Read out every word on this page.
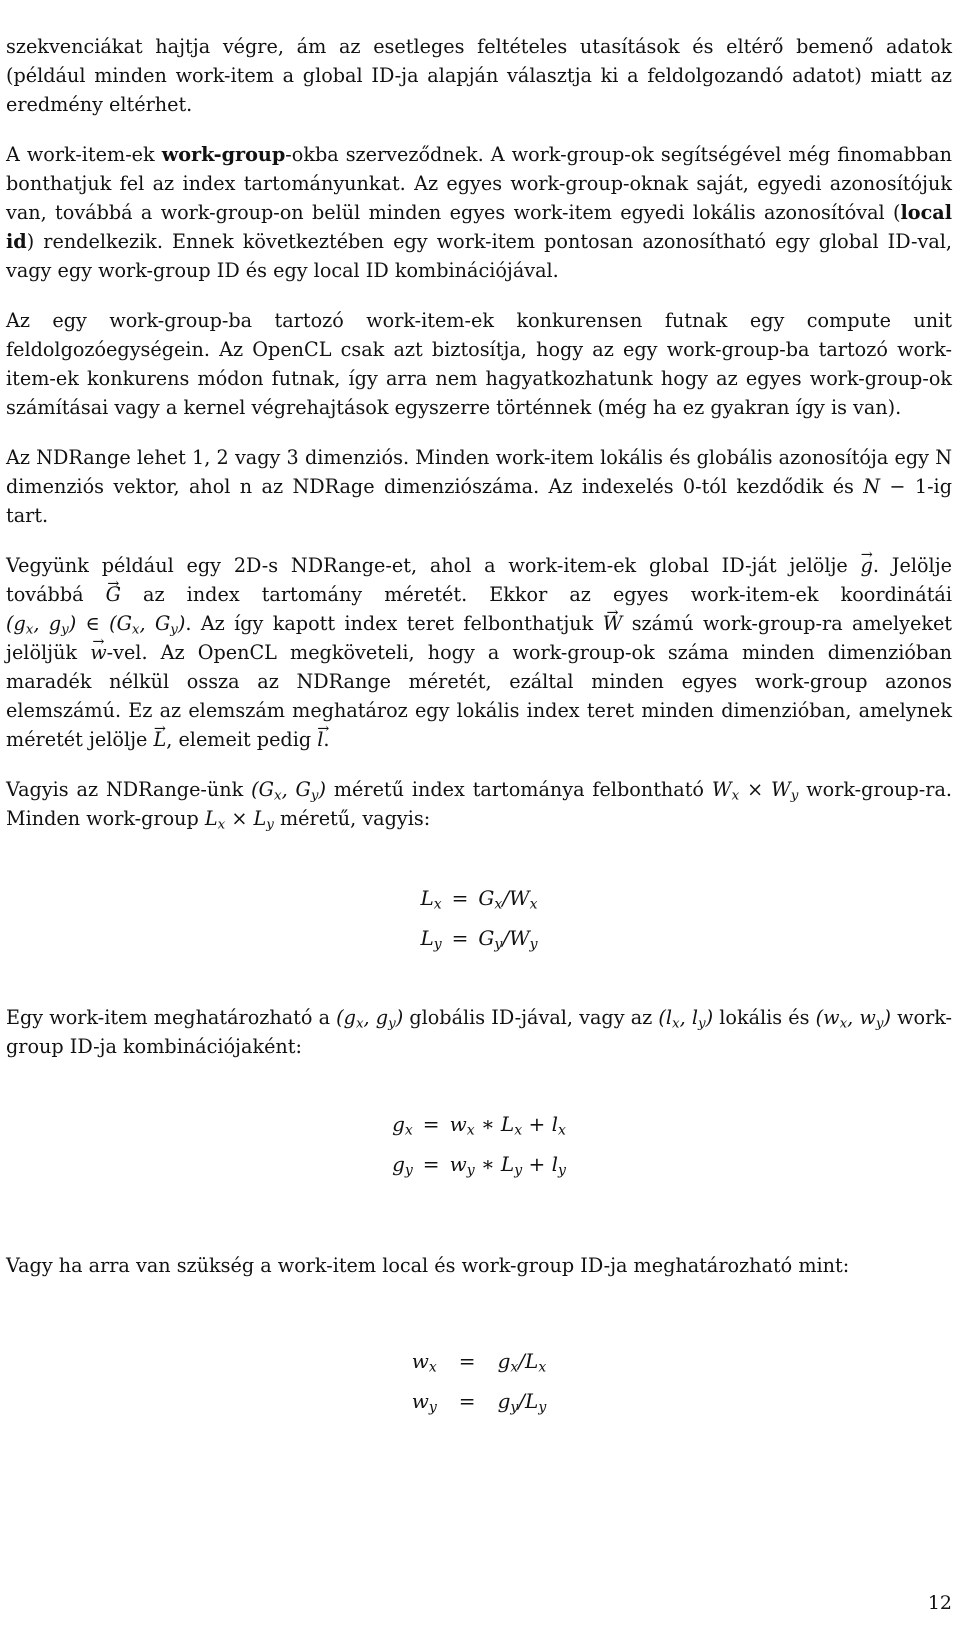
szekvenciákat hajtja végre, ám az esetleges feltételes utasítások és eltérő bemenő adatok (például minden work-item a global ID-ja alapján választja ki a feldolgozandó adatot) miatt az eredmény eltérhet.

A work-item-ek work-group-okba szerveződnek. A work-group-ok segítségével még finomabban bonthatjuk fel az index tartományunkat. Az egyes work-group-oknak saját, egyedi azonosítójuk van, továbbá a work-group-on belül minden egyes work-item egyedi lokális azonosítóval (local id) rendelkezik. Ennek következtében egy work-item pontosan azonosítható egy global ID-val, vagy egy work-group ID és egy local ID kombinációjával.

Az egy work-group-ba tartozó work-item-ek konkurensen futnak egy compute unit feldolgozóegységein. Az OpenCL csak azt biztosítja, hogy az egy work-group-ba tartozó work-item-ek konkurens módon futnak, így arra nem hagyatkozhatunk hogy az egyes work-group-ok számításai vagy a kernel végrehajtások egyszerre történnek (még ha ez gyakran így is van).

Az NDRange lehet 1, 2 vagy 3 dimenziós. Minden work-item lokális és globális azonosítója egy N dimenziós vektor, ahol n az NDRage dimenziószáma. Az indexelés 0-tól kezdődik és N − 1-ig tart.

Vegyünk például egy 2D-s NDRange-et, ahol a work-item-ek global ID-ját jelölje → g. Jelölje továbbá → G az index tartomány méretét. Ekkor az egyes work-item-ek koordinátái ($g_x$, $g_y$) ∈ ($G_x$, $G_y$). Az így kapott index teret felbonthatjuk → W számú work-group-ra amelyeket jelöljük → w-vel. Az OpenCL megköveteli, hogy a work-group-ok száma minden dimenzióban maradék nélkül ossza az NDRange méretét, ezáltal minden egyes work-group azonos elemszámú. Ez az elemszám meghatároz egy lokális index teret minden dimenzióban, amelynek méretét jelölje → L, elemeit pedig → l.

Vagyis az NDRange-ünk ($G_x$, $G_y$) méretű index tartománya felbontható $W_x \times W_y$ work-group-ra. Minden work-group $L_x \times L_y$ méretű, vagyis:

$L_x = G_x/W_x$
$L_y = G_y/W_y$

Egy work-item meghatározható a ($g_x$, $g_y$) globális ID-jával, vagy az ($l_x$, $l_y$) lokális és ($w_x$, $w_y$) work-group ID-ja kombinációjaként:

$g_x = w_x$ ∗ $L_x + l_x$
$g_y = w_y$ ∗ $L_y + l_y$

Vagy ha arra van szükség a work-item local és work-group ID-ja meghatározható mint:

$w_x = g_x/L_x$
$w_y = g_y/L_y$
12
